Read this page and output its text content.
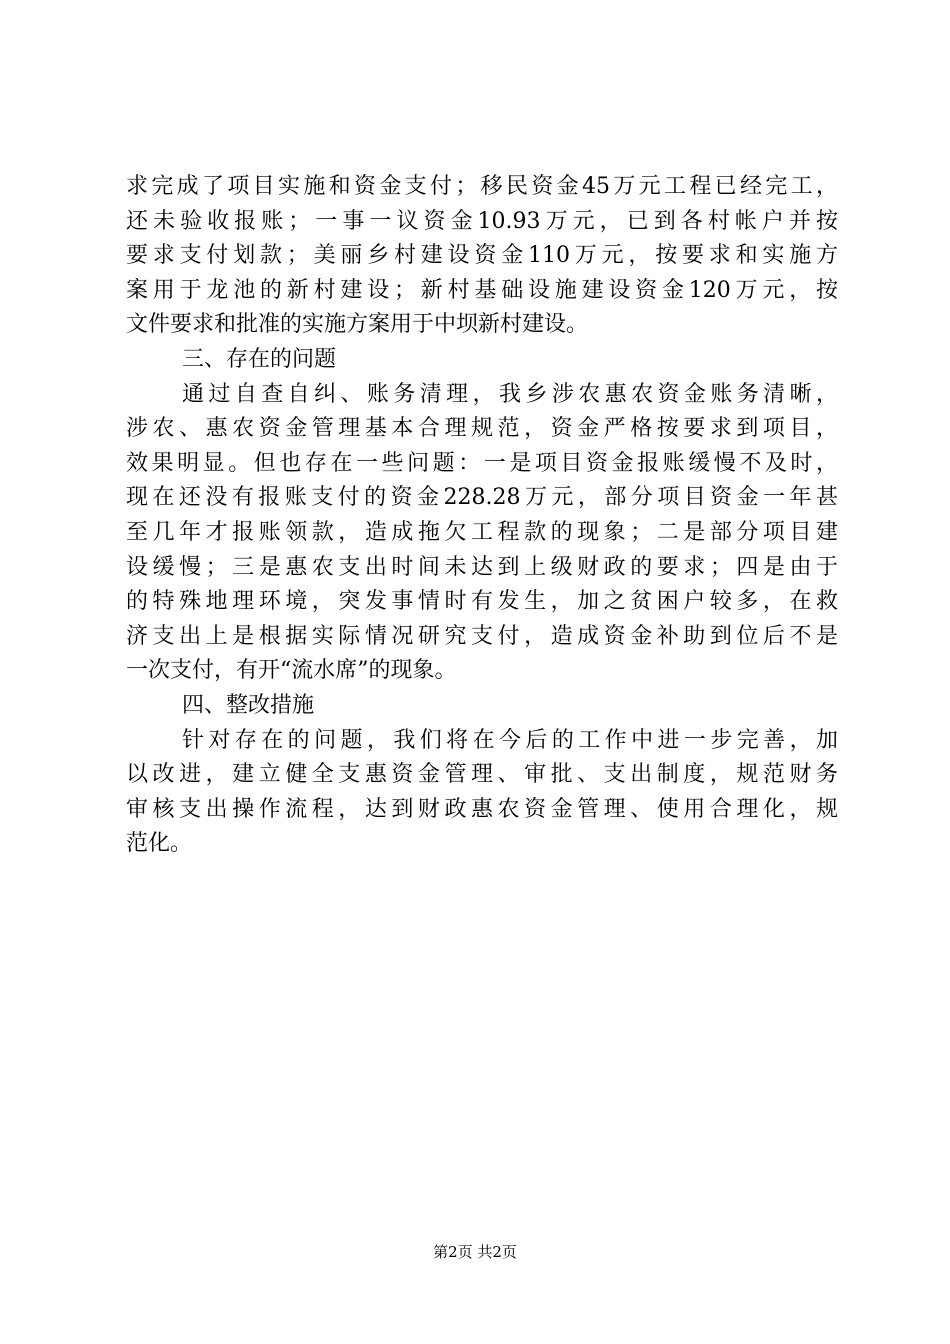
求完成了项目实施和资金支付；移民资金45万元工程已经完工，
还未验收报账；一事一议资金10.93万元，已到各村帐户并按
要求支付划款；美丽乡村建设资金110万元，按要求和实施方
案用于龙池的新村建设；新村基础设施建设资金120万元，按
文件要求和批准的实施方案用于中坝新村建设。
三、存在的问题
通过自查自纠、账务清理，我乡涉农惠农资金账务清晰，
涉农、惠农资金管理基本合理规范，资金严格按要求到项目，
效果明显。但也存在一些问题：一是项目资金报账缓慢不及时，
现在还没有报账支付的资金228.28万元，部分项目资金一年甚
至几年才报账领款，造成拖欠工程款的现象；二是部分项目建
设缓慢；三是惠农支出时间未达到上级财政的要求；四是由于
的特殊地理环境，突发事情时有发生，加之贫困户较多，在救
济支出上是根据实际情况研究支付，造成资金补助到位后不是
一次支付，有开“流水席”的现象。
四、整改措施
针对存在的问题，我们将在今后的工作中进一步完善，加
以改进，建立健全支惠资金管理、审批、支出制度，规范财务
审核支出操作流程，达到财政惠农资金管理、使用合理化，规
范化。
第2页 共2页
